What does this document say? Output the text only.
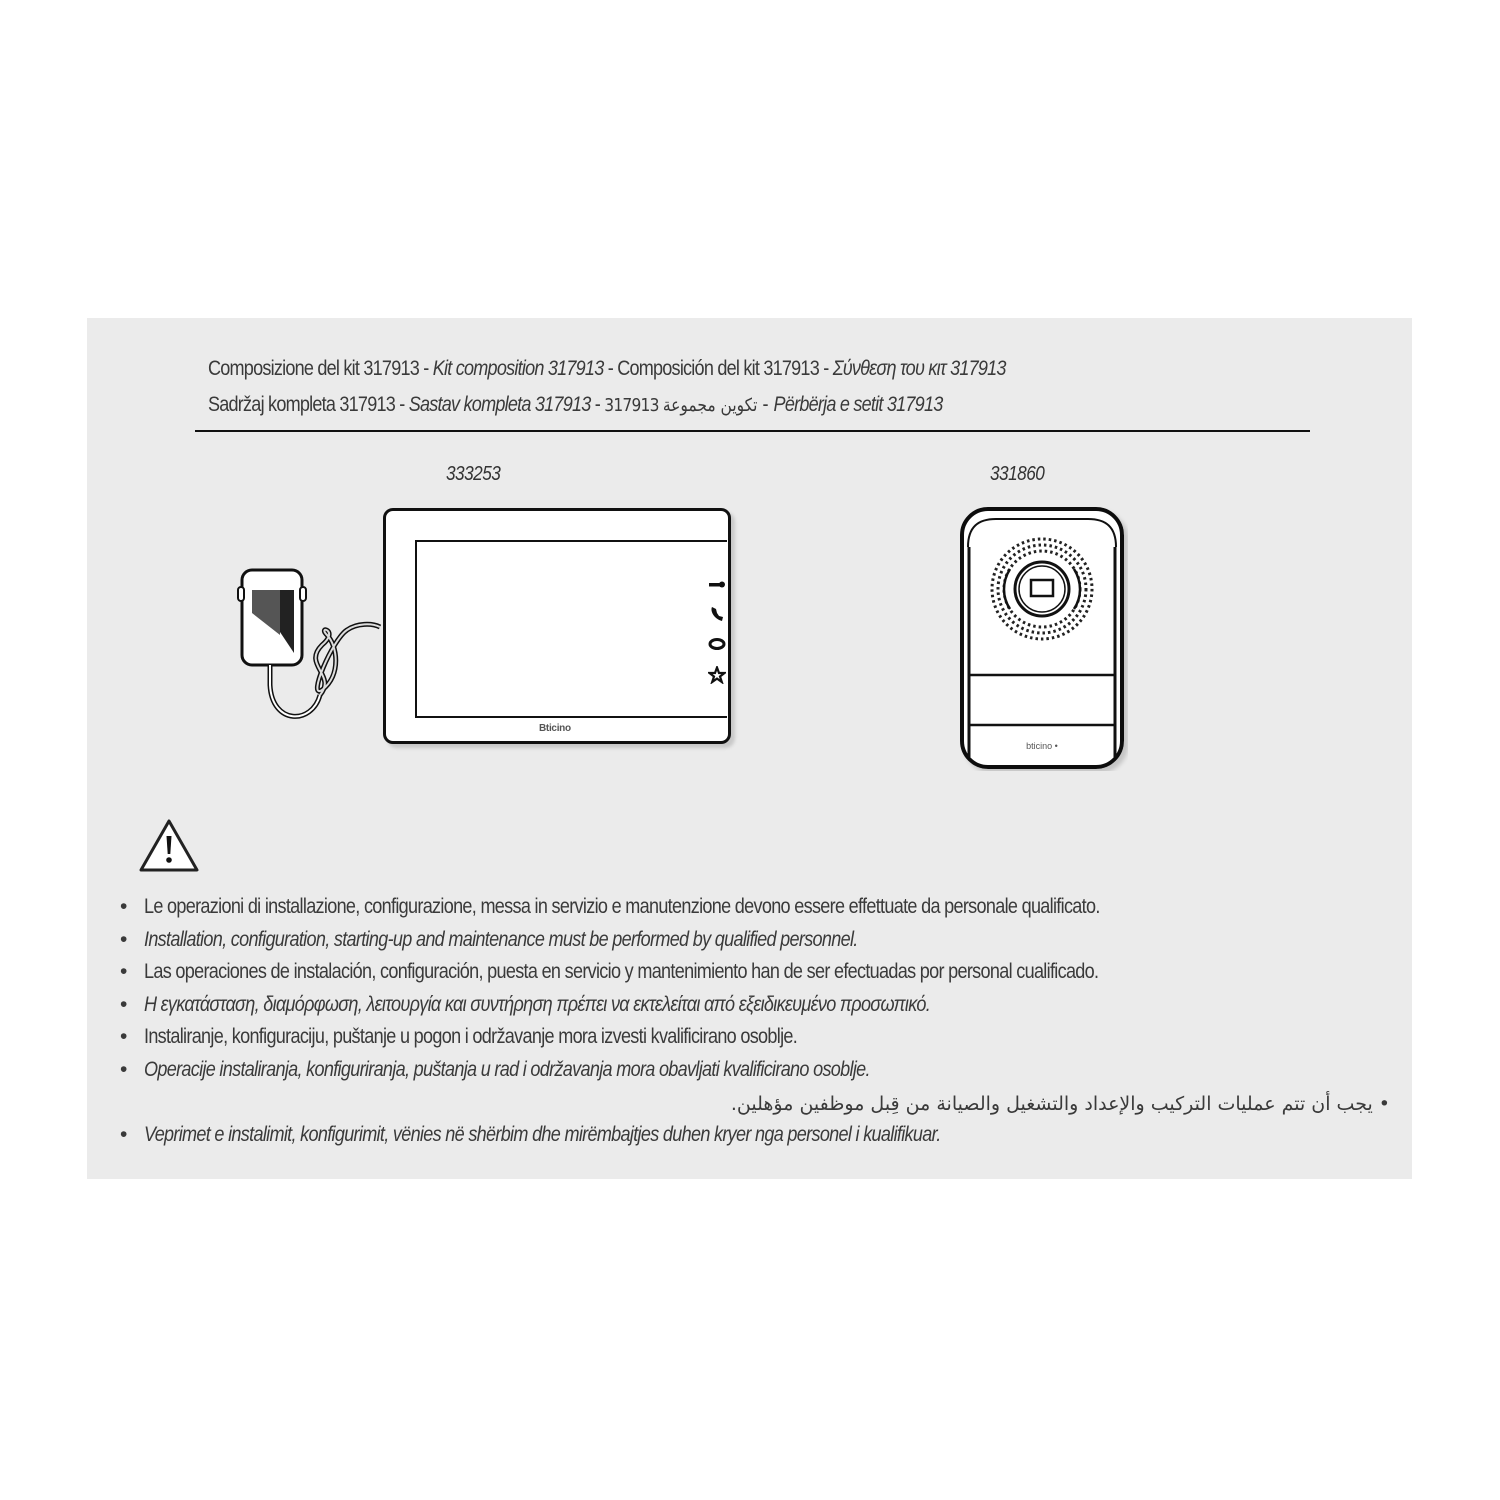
Composizione del kit 317913 - Kit composition 317913 - Composición del kit 317913 - Σύνθεση του κιτ 317913
Sadržaj kompleta 317913 - Sastav kompleta 317913 - 317913 تكوين مجموعة - Përbërja e setit 317913
333253
Bticino
331860
bticino •
• Le operazioni di installazione, configurazione, messa in servizio e manutenzione devono essere effettuate da personale qualificato.
• Installation, configuration, starting-up and maintenance must be performed by qualified personnel.
• Las operaciones de instalación, configuración, puesta en servicio y mantenimiento han de ser efectuadas por personal cualificado.
• Η εγκατάσταση, διαμόρφωση, λειτουργία και συντήρηση πρέπει να εκτελείται από εξειδικευμένο προσωπικό.
• Instaliranje, konfiguraciju, puštanje u pogon i održavanje mora izvesti kvalificirano osoblje.
• Operacije instaliranja, konfiguriranja, puštanja u rad i održavanja mora obavljati kvalificirano osoblje.
• Veprimet e instalimit, konfigurimit, vënies në shërbim dhe mirëmbajtjes duhen kryer nga personel i kualifikuar.
• يجب أن تتم عمليات التركيب والإعداد والتشغيل والصيانة من قِبل موظفين مؤهلين.
